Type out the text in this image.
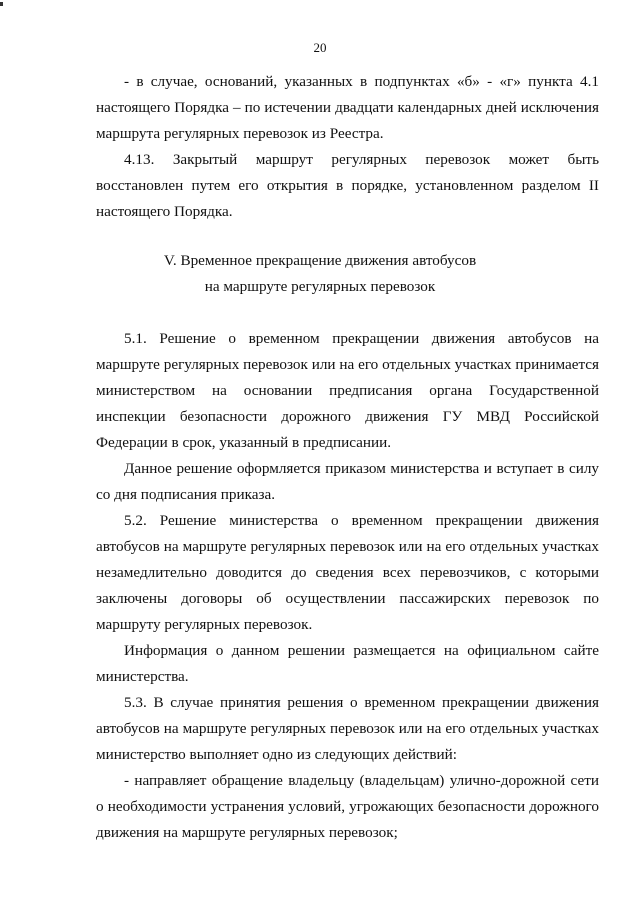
20
- в случае, оснований, указанных в подпунктах «б» - «г» пункта 4.1
настоящего Порядка – по истечении двадцати календарных дней исключения
маршрута регулярных перевозок из Реестра.
4.13. Закрытый маршрут регулярных перевозок может быть
восстановлен путем его открытия в порядке, установленном разделом II
настоящего Порядка.
V. Временное прекращение движения автобусов
на маршруте регулярных перевозок
5.1. Решение о временном прекращении движения автобусов на
маршруте регулярных перевозок или на его отдельных участках принимается
министерством на основании предписания органа Государственной
инспекции безопасности дорожного движения ГУ МВД Российской
Федерации в срок, указанный в предписании.
Данное решение оформляется приказом министерства и вступает в силу
со дня подписания приказа.
5.2. Решение министерства о временном прекращении движения
автобусов на маршруте регулярных перевозок или на его отдельных участках
незамедлительно доводится до сведения всех перевозчиков, с которыми
заключены договоры об осуществлении пассажирских перевозок по
маршруту регулярных перевозок.
Информация о данном решении размещается на официальном сайте
министерства.
5.3. В случае принятия решения о временном прекращении движения
автобусов на маршруте регулярных перевозок или на его отдельных участках
министерство выполняет одно из следующих действий:
- направляет обращение владельцу (владельцам) улично-дорожной сети
о необходимости устранения условий, угрожающих безопасности дорожного
движения на маршруте регулярных перевозок;
